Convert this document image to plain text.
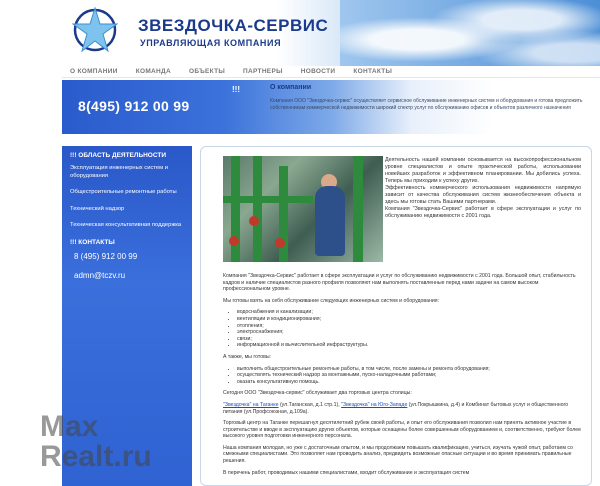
ЗВЕЗДОЧКА-СЕРВИС
УПРАВЛЯЮЩАЯ КОМПАНИЯ
О КОМПАНИИ	КОМАНДА	ОБЪЕКТЫ	ПАРТНЕРЫ	НОВОСТИ	КОНТАКТЫ
!!!
8(495) 912 00 99
О компании
Компания ООО "Звездочка-сервис" осуществляет сервисное обслуживание инженерных систем и оборудования и готова предложить собственникам коммерческой недвижимости широкий спектр услуг по обслуживанию офисов и объектов различного назначения
!!! ОБЛАСТЬ ДЕЯТЕЛЬНОСТИ
Эксплуатация инженерных систем и оборудования
Общестроительные ремонтные работы
Технический надзор
Техническая консультативная поддержка
!!! КОНТАКТЫ
8 (495) 912 00 99
admn@tczv.ru

Деятельность нашей компании основывается на высокопрофессиональном уровне специалистов и опыте практической работы, использовании новейших разработок и эффективном планировании. Мы добились успеха. Теперь мы приходим к успеху других.

Эффективность коммерческого использования недвижимости напрямую зависит от качества обслуживания систем жизнеобеспечения объекта и здесь мы готовы стать Вашими партнерами.

Компания "Звездочка-Сервис" работает в сфере эксплуатации и услуг по обслуживанию недвижимости с 2001 года.

Компания "Звездочка-Сервис" работает в сфере эксплуатации и услуг по обслуживанию недвижимости с 2001 года. Большой опыт, стабильность кадров и наличие специалистов разного профиля позволяют нам выполнять поставленные перед нами задачи на самом высоком профессиональном уровне.

Мы готовы взять на себя обслуживание следующих инженерных систем и оборудования:

• водоснабжения и канализации;
• вентиляции и кондиционирования;
• отопления;
• электроснабжения;
• связи;
• информационной и вычислительной инфраструктуры.

А также, мы готовы:

• выполнить общестроительные ремонтные работы, в том числе, после замены и ремонта оборудования;
• осуществлять технический надзор за монтажными, пуско-наладочными работами;
• оказать консультативную помощь.

Сегодня ООО "Звездочка-сервис" обслуживает два торговых центра столицы:

"Звездочка" на Таганке (ул.Таганская, д.1 стр.1), "Звездочка" на Юго-Западе (ул.Покрышкина, д.4) и Комбинат бытовых услуг и общественного питания (ул.Профсоюзная, д.109а).

Торговый центр на Таганке перешагнул десятилетний рубеж своей работы, и опыт его обслуживания позволил нам принять активное участие в строительстве и вводе в эксплуатацию других объектов, которые оснащены более совершенным оборудованием и, соответственно, требуют более высокого уровня подготовки инженерного персонала.

Наша компания молодая, но уже с достаточным опытом, и мы продолжаем повышать квалификацию, учиться, изучать чужой опыт, работаем со смежными специалистами. Это позволяет нам проводить анализ, предвидеть возможные опасные ситуации и во время принимать правильные решения.

В перечень работ, проводимых нашими специалистами, входит обслуживание и эксплуатация систем

Max
Realt.ru
